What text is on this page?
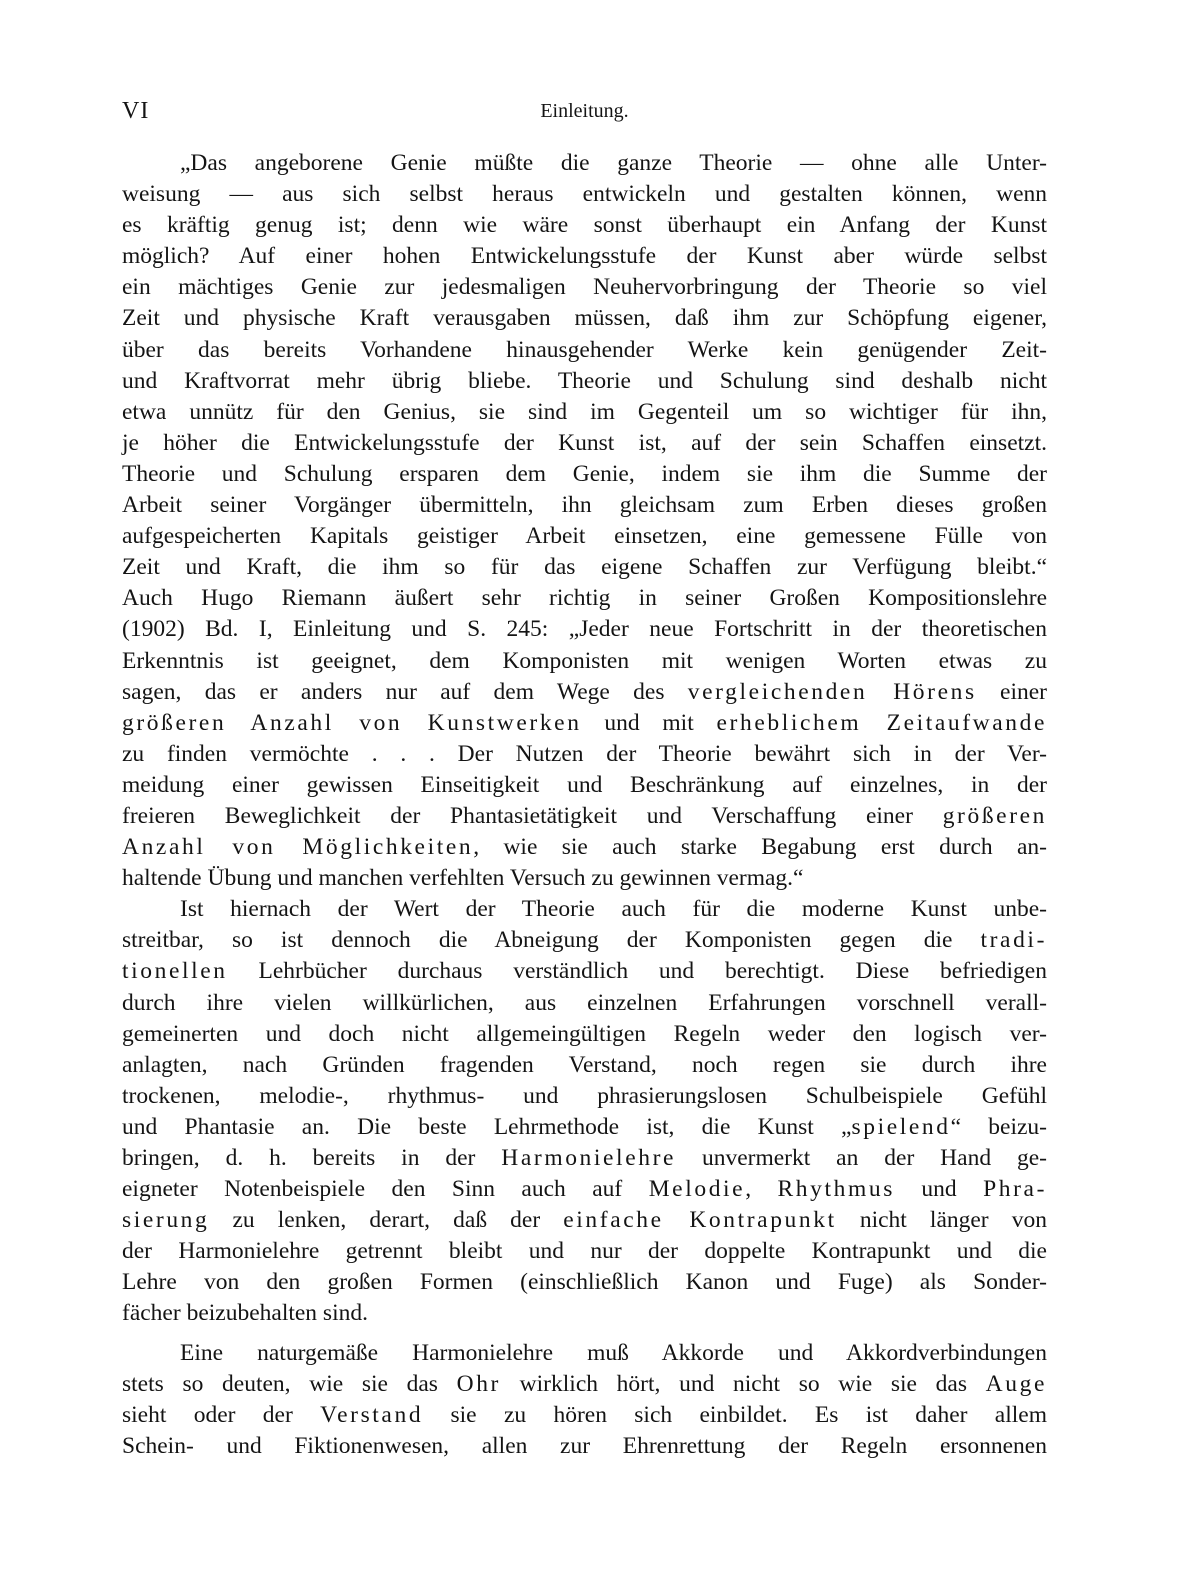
VI	Einleitung.
„Das angeborene Genie müßte die ganze Theorie — ohne alle Unter-
weisung — aus sich selbst heraus entwickeln und gestalten können, wenn
es kräftig genug ist; denn wie wäre sonst überhaupt ein Anfang der Kunst
möglich? Auf einer hohen Entwickelungsstufe der Kunst aber würde selbst
ein mächtiges Genie zur jedesmaligen Neuhervorbringung der Theorie so viel
Zeit und physische Kraft verausgaben müssen, daß ihm zur Schöpfung eigener,
über das bereits Vorhandene hinausgehender Werke kein genügender Zeit-
und Kraftvorrat mehr übrig bliebe. Theorie und Schulung sind deshalb nicht
etwa unnütz für den Genius, sie sind im Gegenteil um so wichtiger für ihn,
je höher die Entwickelungsstufe der Kunst ist, auf der sein Schaffen einsetzt.
Theorie und Schulung ersparen dem Genie, indem sie ihm die Summe der
Arbeit seiner Vorgänger übermitteln, ihn gleichsam zum Erben dieses großen
aufgespeicherten Kapitals geistiger Arbeit einsetzen, eine gemessene Fülle von
Zeit und Kraft, die ihm so für das eigene Schaffen zur Verfügung bleibt.“
Auch Hugo Riemann äußert sehr richtig in seiner Großen Kompositionslehre
(1902) Bd. I, Einleitung und S. 245: „Jeder neue Fortschritt in der theoretischen
Erkenntnis ist geeignet, dem Komponisten mit wenigen Worten etwas zu
sagen, das er anders nur auf dem Wege des vergleichenden Hörens einer
größeren Anzahl von Kunstwerken und mit erheblichem Zeitaufwande
zu finden vermöchte . . . Der Nutzen der Theorie bewährt sich in der Ver-
meidung einer gewissen Einseitigkeit und Beschränkung auf einzelnes, in der
freieren Beweglichkeit der Phantasietätigkeit und Verschaffung einer größeren
Anzahl von Möglichkeiten, wie sie auch starke Begabung erst durch an-
haltende Übung und manchen verfehlten Versuch zu gewinnen vermag.“
Ist hiernach der Wert der Theorie auch für die moderne Kunst unbe-
streitbar, so ist dennoch die Abneigung der Komponisten gegen die tradi-
tionellen Lehrbücher durchaus verständlich und berechtigt. Diese befriedigen
durch ihre vielen willkürlichen, aus einzelnen Erfahrungen vorschnell verall-
gemeinerten und doch nicht allgemeingültigen Regeln weder den logisch ver-
anlagten, nach Gründen fragenden Verstand, noch regen sie durch ihre
trockenen, melodie-, rhythmus- und phrasierungslosen Schulbeispiele Gefühl
und Phantasie an. Die beste Lehrmethode ist, die Kunst „spielend“ beizu-
bringen, d. h. bereits in der Harmonielehre unvermerkt an der Hand ge-
eigneter Notenbeispiele den Sinn auch auf Melodie, Rhythmus und Phra-
sierung zu lenken, derart, daß der einfache Kontrapunkt nicht länger von
der Harmonielehre getrennt bleibt und nur der doppelte Kontrapunkt und die
Lehre von den großen Formen (einschließlich Kanon und Fuge) als Sonder-
fächer beizubehalten sind.
Eine naturgemäße Harmonielehre muß Akkorde und Akkordverbindungen
stets so deuten, wie sie das Ohr wirklich hört, und nicht so wie sie das Auge
sieht oder der Verstand sie zu hören sich einbildet. Es ist daher allem
Schein- und Fiktionenwesen, allen zur Ehrenrettung der Regeln ersonnenen
